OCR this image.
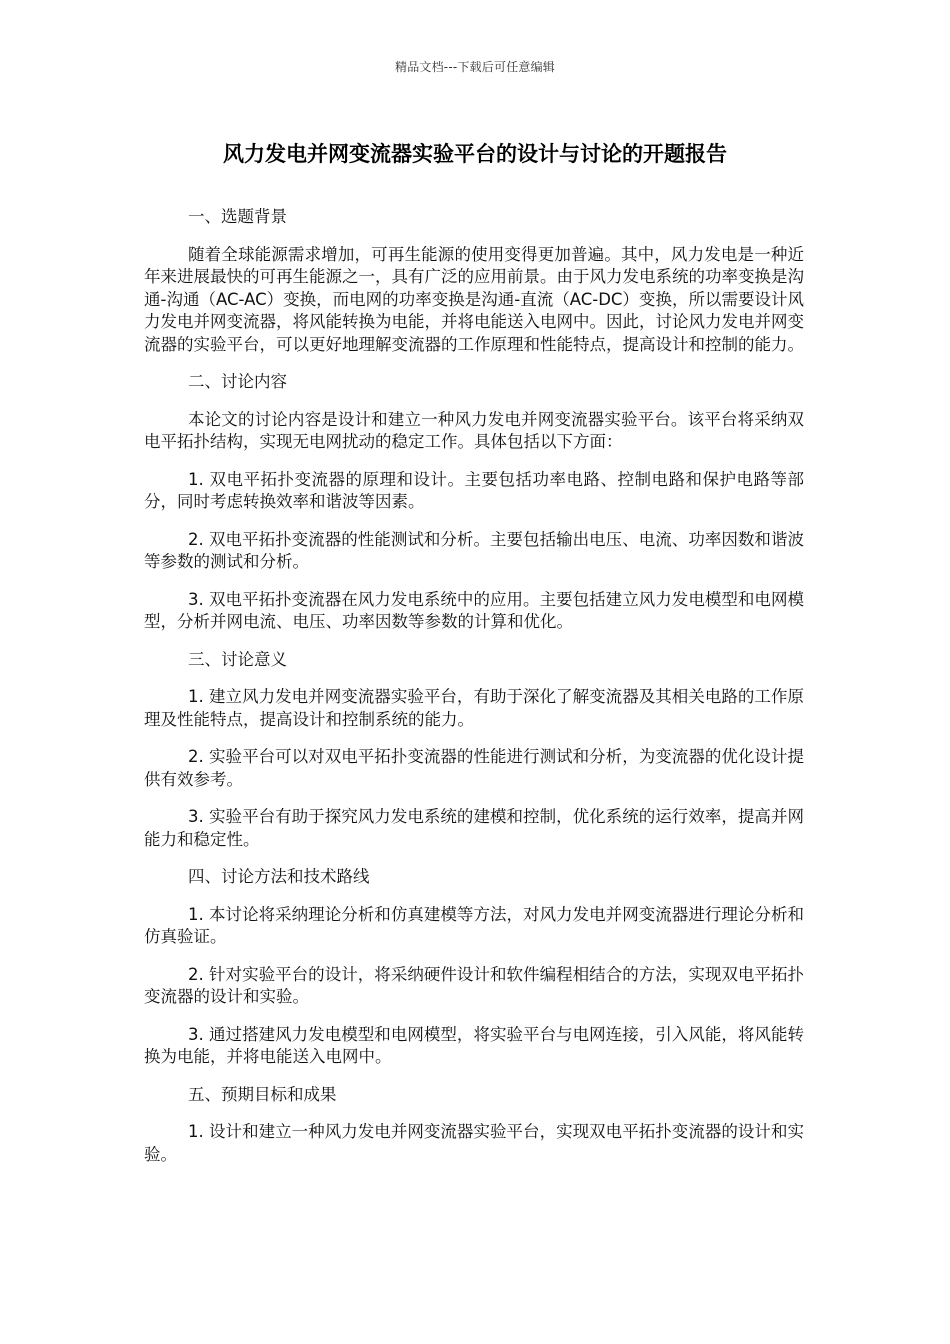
精品文档---下载后可任意编辑
风力发电并网变流器实验平台的设计与讨论的开题报告

一、选题背景

随着全球能源需求增加，可再生能源的使用变得更加普遍。其中，风力发电是一种近年来进展最快的可再生能源之一，具有广泛的应用前景。由于风力发电系统的功率变换是沟通-沟通（AC-AC）变换，而电网的功率变换是沟通-直流（AC-DC）变换，所以需要设计风力发电并网变流器，将风能转换为电能，并将电能送入电网中。因此，讨论风力发电并网变流器的实验平台，可以更好地理解变流器的工作原理和性能特点，提高设计和控制的能力。

二、讨论内容

本论文的讨论内容是设计和建立一种风力发电并网变流器实验平台。该平台将采纳双电平拓扑结构，实现无电网扰动的稳定工作。具体包括以下方面：

1. 双电平拓扑变流器的原理和设计。主要包括功率电路、控制电路和保护电路等部分，同时考虑转换效率和谐波等因素。

2. 双电平拓扑变流器的性能测试和分析。主要包括输出电压、电流、功率因数和谐波等参数的测试和分析。

3. 双电平拓扑变流器在风力发电系统中的应用。主要包括建立风力发电模型和电网模型，分析并网电流、电压、功率因数等参数的计算和优化。

三、讨论意义

1. 建立风力发电并网变流器实验平台，有助于深化了解变流器及其相关电路的工作原理及性能特点，提高设计和控制系统的能力。

2. 实验平台可以对双电平拓扑变流器的性能进行测试和分析，为变流器的优化设计提供有效参考。

3. 实验平台有助于探究风力发电系统的建模和控制，优化系统的运行效率，提高并网能力和稳定性。

四、讨论方法和技术路线

1. 本讨论将采纳理论分析和仿真建模等方法，对风力发电并网变流器进行理论分析和仿真验证。

2. 针对实验平台的设计，将采纳硬件设计和软件编程相结合的方法，实现双电平拓扑变流器的设计和实验。

3. 通过搭建风力发电模型和电网模型，将实验平台与电网连接，引入风能，将风能转换为电能，并将电能送入电网中。

五、预期目标和成果

1. 设计和建立一种风力发电并网变流器实验平台，实现双电平拓扑变流器的设计和实验。
